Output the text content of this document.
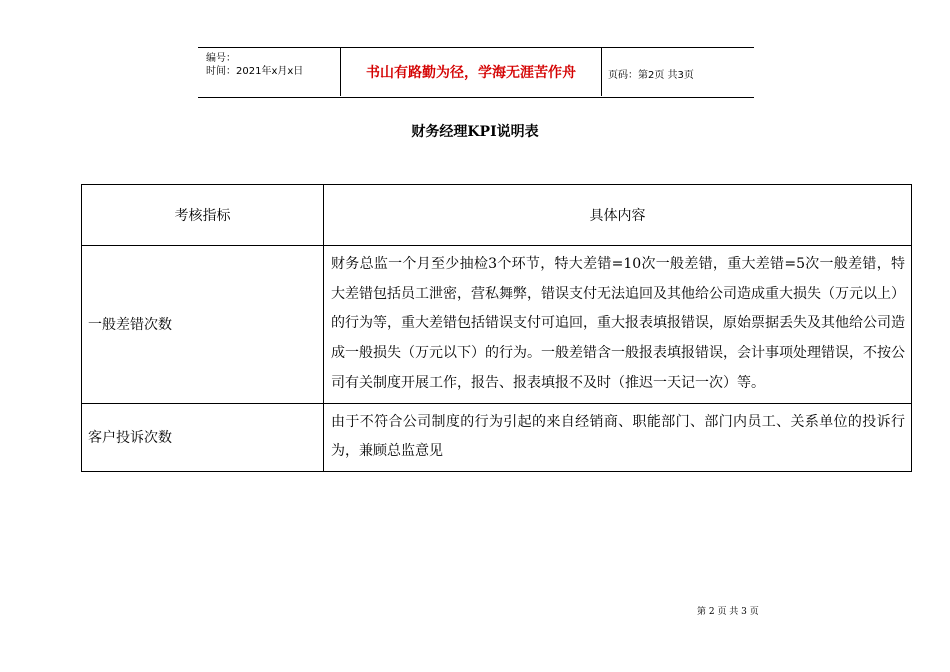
编号：
时间：2021年x月x日	书山有路勤为径，学海无涯苦作舟	页码：第2页 共3页
财务经理KPI说明表
考核指标	具体内容
一般差错次数	财务总监一个月至少抽检3个环节，特大差错=10次一般差错，重大差错=5次一般差错，特大差错包括员工泄密，营私舞弊，错误支付无法追回及其他给公司造成重大损失（万元以上）的行为等，重大差错包括错误支付可追回，重大报表填报错误，原始票据丢失及其他给公司造成一般损失（万元以下）的行为。一般差错含一般报表填报错误，会计事项处理错误，不按公司有关制度开展工作，报告、报表填报不及时（推迟一天记一次）等。
客户投诉次数	由于不符合公司制度的行为引起的来自经销商、职能部门、部门内员工、关系单位的投诉行为，兼顾总监意见
第 2 页 共 3 页
